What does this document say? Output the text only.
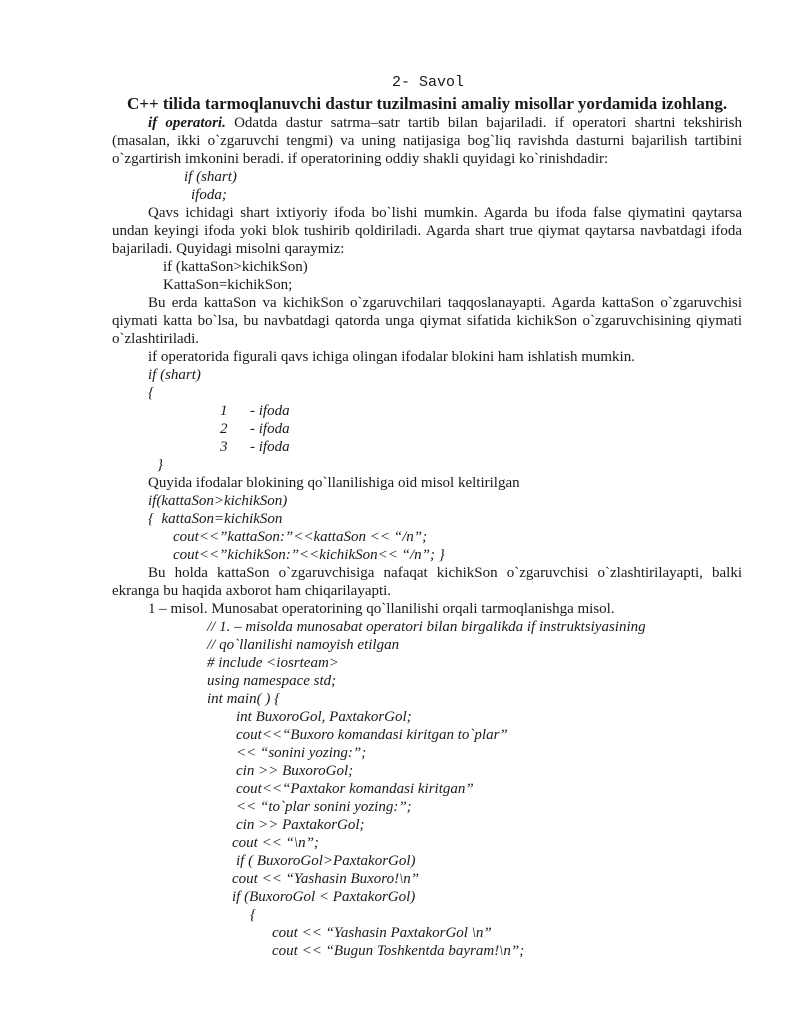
2- Savol
C++ tilida tarmoqlanuvchi dastur tuzilmasini amaliy misollar yordamida izohlang.
if operatori. Odatda dastur satrma–satr tartib bilan bajariladi. if operatori shartni tekshirish
(masalan, ikki o`zgaruvchi tengmi) va uning natijasiga bog`liq ravishda dasturni bajarilish tartibini
o`zgartirish imkonini beradi. if operatorining oddiy shakli quyidagi ko`rinishdadir:
if (shart)
ifoda;
Qavs ichidagi shart ixtiyoriy ifoda bo`lishi mumkin. Agarda bu ifoda false qiymatini qaytarsa
undan keyingi ifoda yoki blok tushirib qoldiriladi. Agarda shart true qiymat qaytarsa navbatdagi ifoda
bajariladi. Quyidagi misolni qaraymiz:
if (kattaSon>kichikSon)
KattaSon=kichikSon;
Bu erda kattaSon va kichikSon o`zgaruvchilari taqqoslanayapti. Agarda kattaSon o`zgaruvchisi
qiymati katta bo`lsa, bu navbatdagi qatorda unga qiymat sifatida kichikSon o`zgaruvchisining qiymati
o`zlashtiriladi.
if operatorida figurali qavs ichiga olingan ifodalar blokini ham ishlatish mumkin.
if (shart)
{
1 - ifoda
2 - ifoda
3 - ifoda
}
Quyida ifodalar blokining qo`llanilishiga oid misol keltirilgan
if(kattaSon>kichikSon)
{  kattaSon=kichikSon
cout<<”kattaSon:”<<kattaSon << “/n”;
cout<<”kichikSon:”<<kichikSon<< “/n”; }
Bu holda kattaSon o`zgaruvchisiga nafaqat kichikSon o`zgaruvchisi o`zlashtirilayapti, balki
ekranga bu haqida axborot ham chiqarilayapti.
1 – misol. Munosabat operatorining qo`llanilishi orqali tarmoqlanishga misol.
// 1. – misolda munosabat operatori bilan birgalikda if instruktsiyasining
// qo`llanilishi namoyish etilgan
# include <iosrteam>
using namespace std;
int main( ) {
int BuxoroGol, PaxtakorGol;
cout<<“Buxoro komandasi kiritgan to`plar”
<< “sonini yozing:”;
cin >> BuxoroGol;
cout<<“Paxtakor komandasi kiritgan”
<< “to`plar sonini yozing:”;
cin >> PaxtakorGol;
cout << “\n”;
if ( BuxoroGol>PaxtakorGol)
cout << “Yashasin Buxoro!\n”
if (BuxoroGol < PaxtakorGol)
{
cout << “Yashasin PaxtakorGol \n”
cout << “Bugun Toshkentda bayram!\n”;
